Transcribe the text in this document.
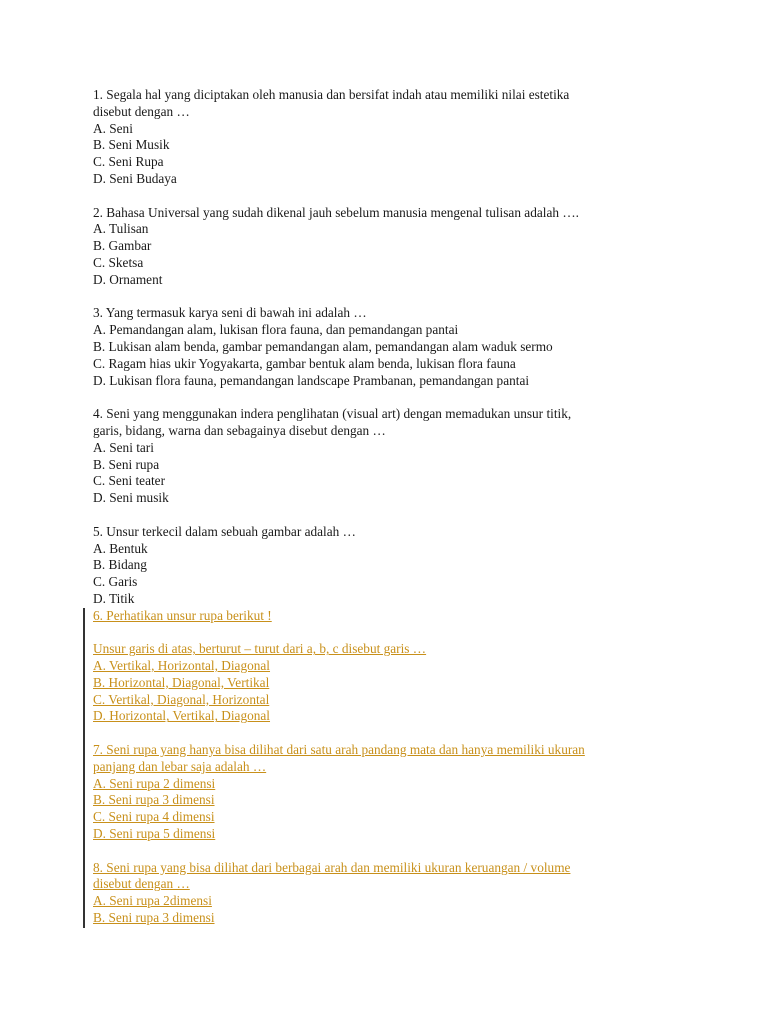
1. Segala hal yang diciptakan oleh manusia dan bersifat indah atau memiliki nilai estetika
disebut dengan …
A. Seni
B. Seni Musik
C. Seni Rupa
D. Seni Budaya
2. Bahasa Universal yang sudah dikenal jauh sebelum manusia mengenal tulisan adalah ….
A. Tulisan
B. Gambar
C. Sketsa
D. Ornament
3. Yang termasuk karya seni di bawah ini adalah …
A. Pemandangan alam, lukisan flora fauna, dan pemandangan pantai
B. Lukisan alam benda, gambar pemandangan alam, pemandangan alam waduk sermo
C. Ragam hias ukir Yogyakarta, gambar bentuk alam benda, lukisan flora fauna
D. Lukisan flora fauna, pemandangan landscape Prambanan, pemandangan pantai
4. Seni yang menggunakan indera penglihatan (visual art) dengan memadukan unsur titik,
garis, bidang, warna dan sebagainya disebut dengan …
A. Seni tari
B. Seni rupa
C. Seni teater
D. Seni musik
5. Unsur terkecil dalam sebuah gambar adalah …
A. Bentuk
B. Bidang
C. Garis
D. Titik
6. Perhatikan unsur rupa berikut !
Unsur garis di atas, berturut – turut dari a, b, c disebut garis …
A. Vertikal, Horizontal, Diagonal
B. Horizontal, Diagonal, Vertikal
C. Vertikal, Diagonal, Horizontal
D. Horizontal, Vertikal, Diagonal
7. Seni rupa yang hanya bisa dilihat dari satu arah pandang mata dan hanya memiliki ukuran
panjang dan lebar saja adalah …
A. Seni rupa 2 dimensi
B. Seni rupa 3 dimensi
C. Seni rupa 4 dimensi
D. Seni rupa 5 dimensi
8. Seni rupa yang bisa dilihat dari berbagai arah dan memiliki ukuran keruangan / volume
disebut dengan …
A. Seni rupa 2dimensi
B. Seni rupa 3 dimensi
